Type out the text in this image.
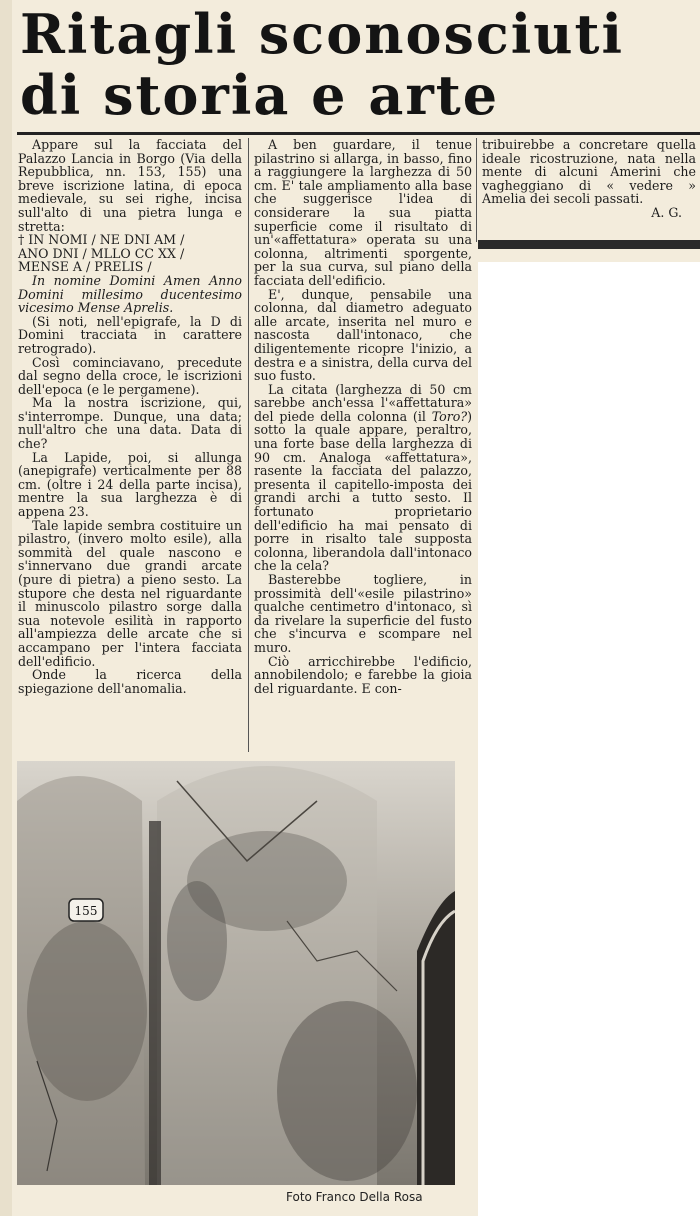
Ritagli sconosciuti
di storia e arte

Appare sul la facciata del Palazzo Lancia in Borgo (Via della Repubblica, nn. 153, 155) una breve iscrizione latina, di epoca medievale, su sei righe, incisa sull'alto di una pietra lunga e stretta:

† IN NOMI / NE DNI AM /

ANO DNI / MLLO CC XX /

MENSE A / PRELIS /

In nomine Domini Amen Anno Domini millesimo ducentesimo vicesimo Mense Aprelis.

(Si noti, nell'epigrafe, la D di Domini tracciata in carattere retrogrado).

Così cominciavano, precedute dal segno della croce, le iscrizioni dell'epoca (e le pergamene).

Ma la nostra iscrizione, qui, s'interrompe. Dunque, una data; null'altro che una data. Data di che?

La Lapide, poi, si allunga (anepigrafe) verticalmente per 88 cm. (oltre i 24 della parte incisa), mentre la sua larghezza è di appena 23.

Tale lapide sembra costituire un pilastro, (invero molto esile), alla sommità del quale nascono e s'innervano due grandi arcate (pure di pietra) a pieno sesto. La stupore che desta nel riguardante il minuscolo pilastro sorge dalla sua notevole esilità in rapporto all'ampiezza delle arcate che si accampano per l'intera facciata dell'edificio.

Onde la ricerca della spiegazione dell'anomalia.

A ben guardare, il tenue pilastrino si allarga, in basso, fino a raggiungere la larghezza di 50 cm. E' tale ampliamento alla base che suggerisce l'idea di considerare la sua piatta superficie come il risultato di un'«affettatura» operata su una colonna, altrimenti sporgente, per la sua curva, sul piano della facciata dell'edificio.

E', dunque, pensabile una colonna, dal diametro adeguato alle arcate, inserita nel muro e nascosta dall'intonaco, che diligentemente ricopre l'inizio, a destra e a sinistra, della curva del suo fusto.

La citata (larghezza di 50 cm sarebbe anch'essa l'«affettatura» del piede della colonna (il Toro?) sotto la quale appare, peraltro, una forte base della larghezza di 90 cm. Analoga «affettatura», rasente la facciata del palazzo, presenta il capitello-imposta dei grandi archi a tutto sesto. Il fortunato proprietario dell'edificio ha mai pensato di porre in risalto tale supposta colonna, liberandola dall'intonaco che la cela?

Basterebbe togliere, in prossimità dell'«esile pilastrino» qualche centimetro d'intonaco, sì da rivelare la superficie del fusto che s'incurva e scompare nel muro.

Ciò arricchirebbe l'edificio, annobilendolo; e farebbe la gioia del riguardante. E con-

tribuirebbe a concretare quella ideale ricostruzione, nata nella mente di alcuni Amerini che vagheggiano di « vedere » Amelia dei secoli passati.

A. G.

155
Foto Franco Della Rosa
